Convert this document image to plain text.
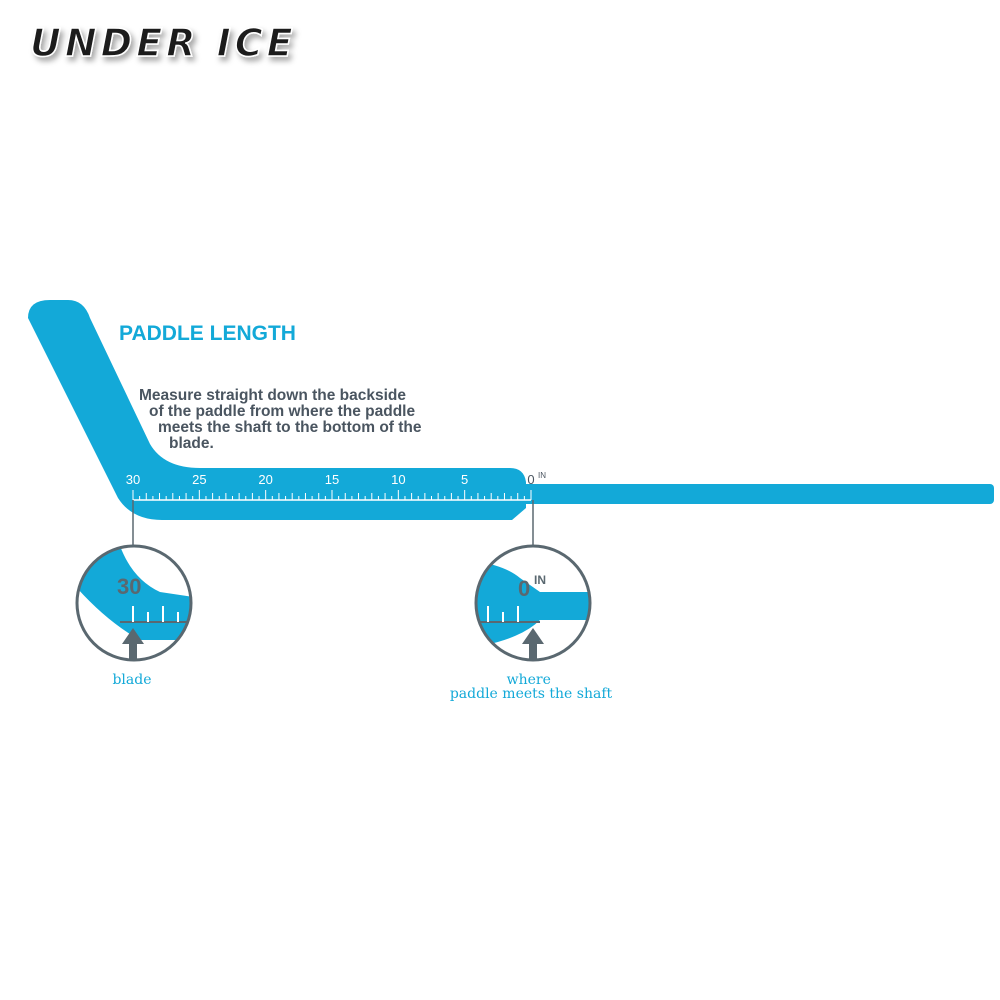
UNDER ICE
30	25	20	15	10	5	0 IN
PADDLE LENGTH
Measure straight down the backside of the paddle from where the paddle meets the shaft to the bottom of the blade.
30
blade
0 IN
where paddle meets the shaft
